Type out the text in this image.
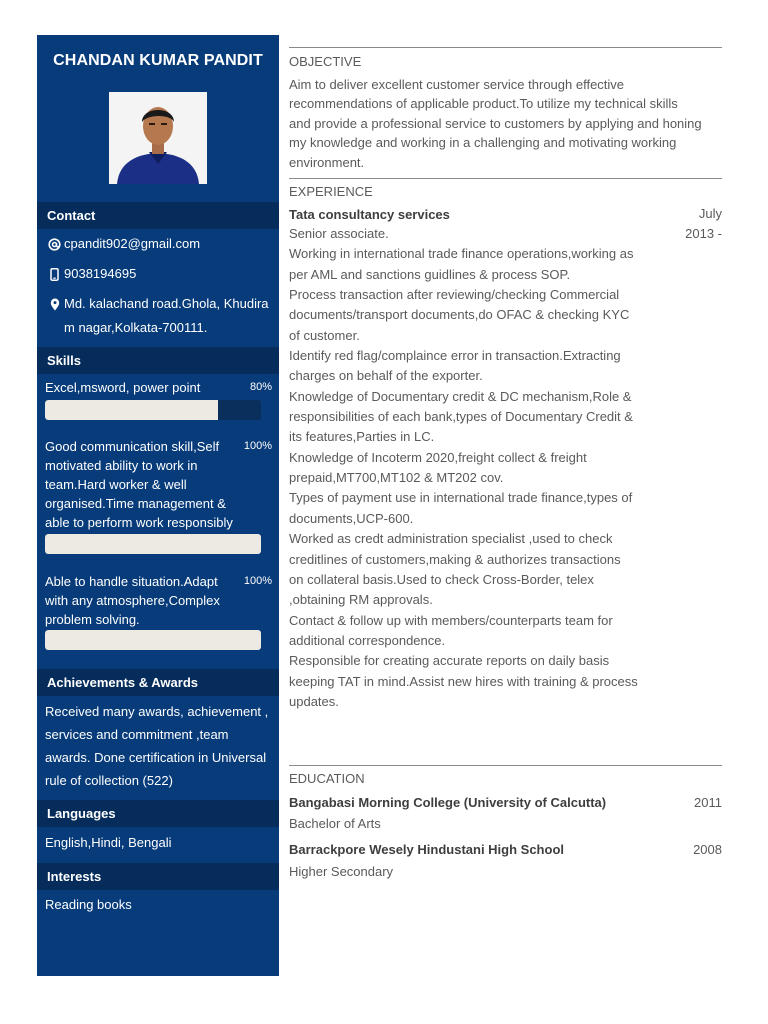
CHANDAN KUMAR PANDIT
Contact
cpandit902@gmail.com
9038194695
Md. kalachand road.Ghola, Khudira
m nagar,Kolkata-700111.
Skills
Excel,msword, power point	80%
Good communication skill,Self
motivated ability to work in
team.Hard worker & well
organised.Time management &
able to perform work responsibly
100%
Able to handle situation.Adapt
with any atmosphere,Complex
problem solving.
100%
Achievements & Awards
Received many awards, achievement ,
services and commitment ,team
awards. Done certification in Universal
rule of collection (522)
Languages
English,Hindi, Bengali
Interests
Reading books
OBJECTIVE
Aim to deliver excellent customer service through effective
recommendations of applicable product.To utilize my technical skills
and provide a professional service to customers by applying and honing
my knowledge and working in a challenging and motivating working
environment.
EXPERIENCE
Tata consultancy services	July
2013 -

Senior associate.

Working in international trade finance operations,working as

per AML and sanctions guidlines & process SOP.

Process transaction after reviewing/checking Commercial

documents/transport documents,do OFAC & checking KYC

of customer.

Identify red flag/complaince error in transaction.Extracting

charges on behalf of the exporter.

Knowledge of Documentary credit & DC mechanism,Role &

responsibilities of each bank,types of Documentary Credit &

its features,Parties in LC.

Knowledge of Incoterm 2020,freight collect & freight

prepaid,MT700,MT102 & MT202 cov.

Types of payment use in international trade finance,types of

documents,UCP-600.

Worked as credt administration specialist ,used to check

creditlines of customers,making & authorizes transactions

on collateral basis.Used to check Cross-Border, telex

,obtaining RM approvals.

Contact & follow up with members/counterparts team for

additional correspondence.

Responsible for creating accurate reports on daily basis

keeping TAT in mind.Assist new hires with training & process

updates.

EDUCATION
Bangabasi Morning College (University of Calcutta)	2011
Bachelor of Arts
Barrackpore Wesely Hindustani High School	2008
Higher Secondary
